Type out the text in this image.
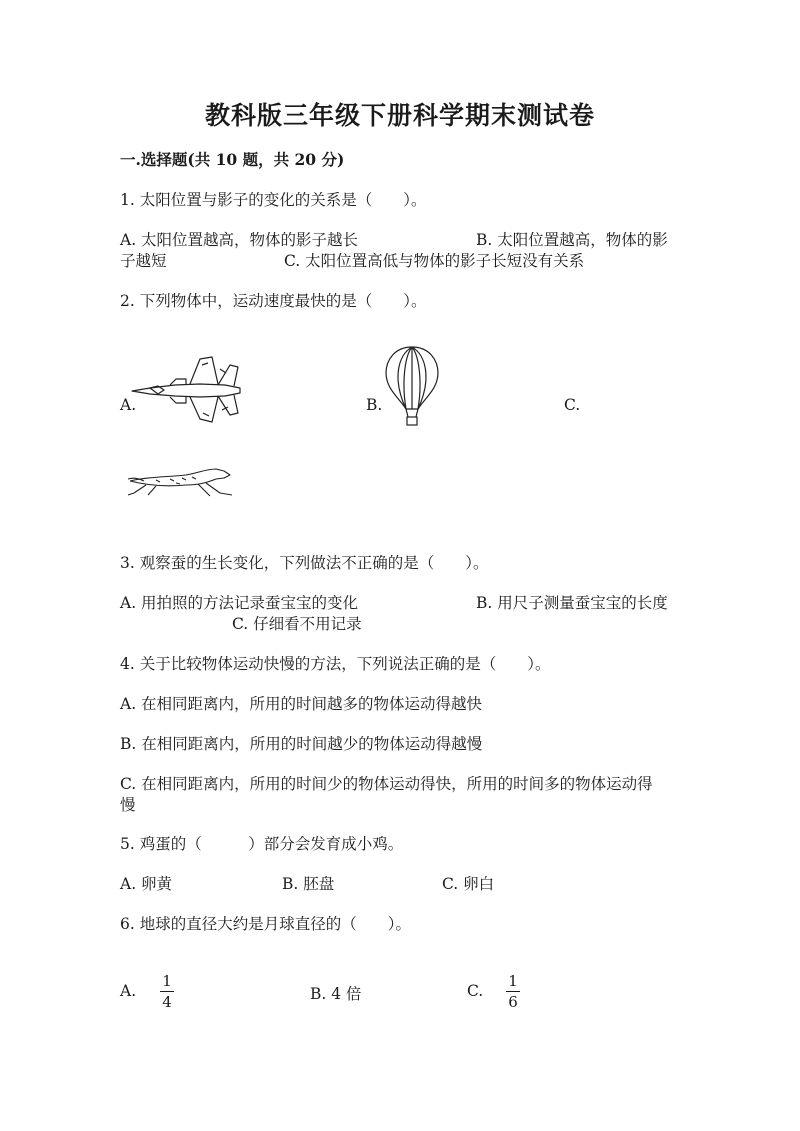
教科版三年级下册科学期末测试卷
一.选择题(共 10 题，共 20 分)
1. 太阳位置与影子的变化的关系是（　　）。
A. 太阳位置越高，物体的影子越长	B. 太阳位置越高，物体的影
子越短	C. 太阳位置高低与物体的影子长短没有关系
2. 下列物体中，运动速度最快的是（　　）。
A.	B.	C.
3. 观察蚕的生长变化，下列做法不正确的是（　　）。
A. 用拍照的方法记录蚕宝宝的变化	B. 用尺子测量蚕宝宝的长度
C. 仔细看不用记录
4. 关于比较物体运动快慢的方法，下列说法正确的是（　　）。
A. 在相同距离内，所用的时间越多的物体运动得越快
B. 在相同距离内，所用的时间越少的物体运动得越慢
C. 在相同距离内，所用的时间少的物体运动得快，所用的时间多的物体运动得
慢
5. 鸡蛋的（　　　）部分会发育成小鸡。
A. 卵黄	B. 胚盘	C. 卵白
6. 地球的直径大约是月球直径的（　　）。
A.
1
4	B. 4 倍	C.
1
6
